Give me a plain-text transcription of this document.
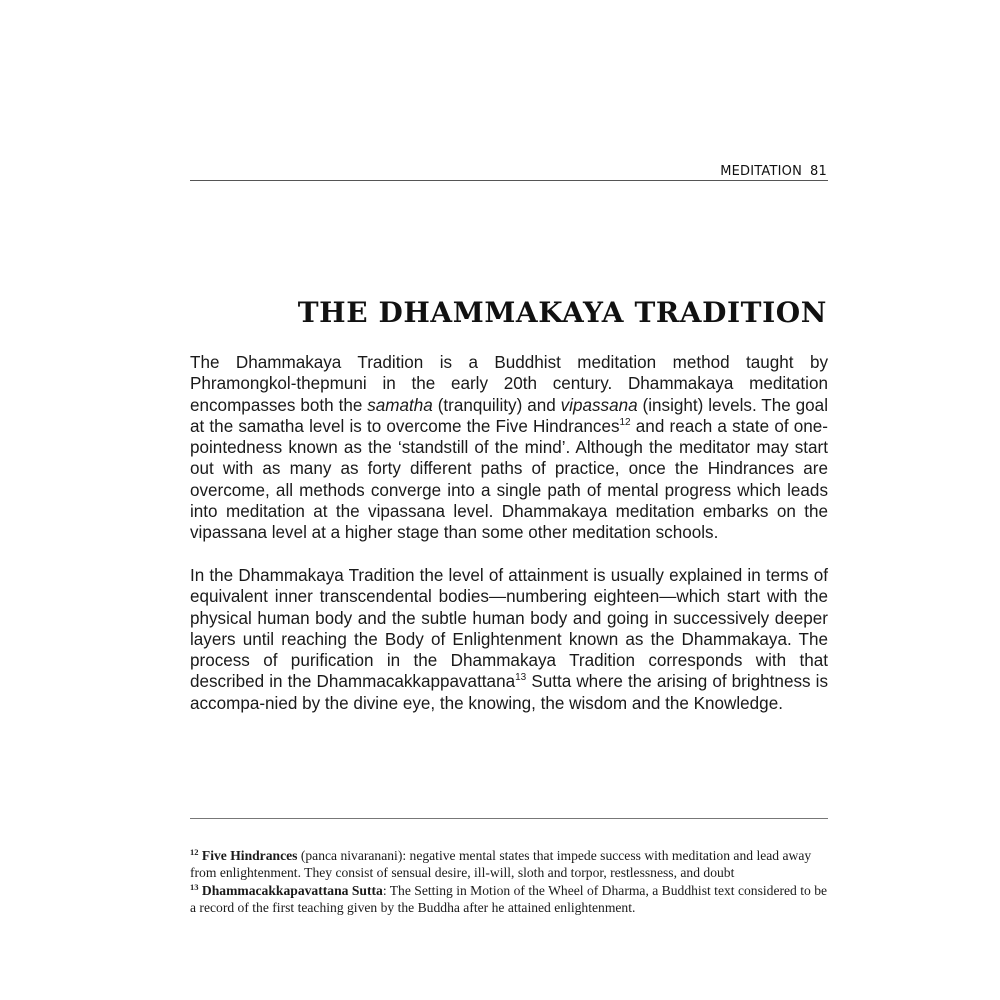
MEDITATION 81
THE DHAMMAKAYA TRADITION

The Dhammakaya Tradition is a Buddhist meditation method taught by Phramongkol-thepmuni in the early 20th century. Dhammakaya meditation encompasses both the samatha (tranquility) and vipassana (insight) levels. The goal at the samatha level is to overcome the Five Hindrances$^{12}$ and reach a state of one-pointedness known as the ‘standstill of the mind’. Although the meditator may start out with as many as forty different paths of practice, once the Hindrances are overcome, all methods converge into a single path of mental progress which leads into meditation at the vipassana level. Dhammakaya meditation embarks on the vipassana level at a higher stage than some other meditation schools.

In the Dhammakaya Tradition the level of attainment is usually explained in terms of equivalent inner transcendental bodies—numbering eighteen—which start with the physical human body and the subtle human body and going in successively deeper layers until reaching the Body of Enlightenment known as the Dhammakaya. The process of purification in the Dhammakaya Tradition corresponds with that described in the Dhammacakkappavattana$^{13}$ Sutta where the arising of brightness is accompa-nied by the divine eye, the knowing, the wisdom and the Knowledge.

$^{12}$ Five Hindrances (panca nivaranani): negative mental states that impede success with meditation and lead away from enlightenment. They consist of sensual desire, ill-will, sloth and torpor, restlessness, and doubt

$^{13}$ Dhammacakkapavattana Sutta: The Setting in Motion of the Wheel of Dharma, a Buddhist text considered to be a record of the first teaching given by the Buddha after he attained enlightenment.
